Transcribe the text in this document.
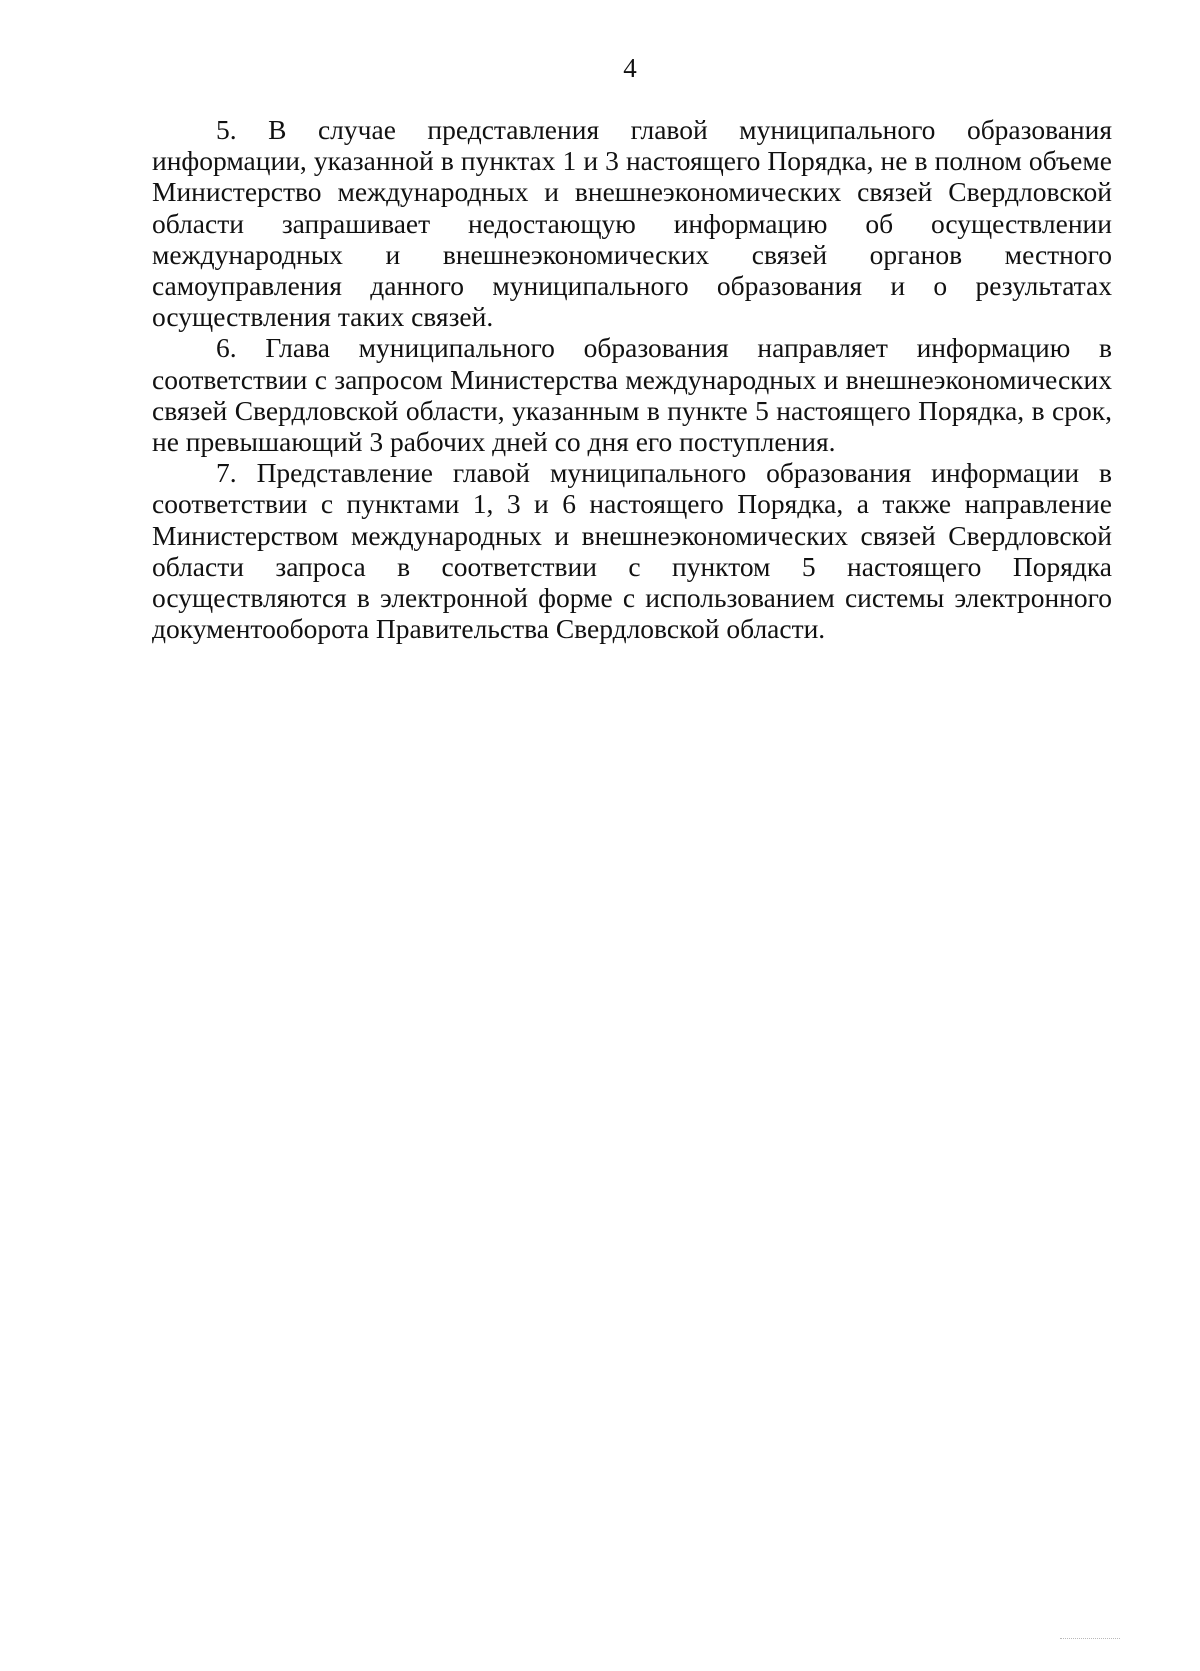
4

5. В случае представления главой муниципального образования информации, указанной в пунктах 1 и 3 настоящего Порядка, не в полном объеме Министерство международных и внешнеэкономических связей Свердловской области запрашивает недостающую информацию об осуществлении международных и внешнеэкономических связей органов местного самоуправления данного муниципального образования и о результатах осуществления таких связей.

6. Глава муниципального образования направляет информацию в соответствии с запросом Министерства международных и внешнеэкономических связей Свердловской области, указанным в пункте 5 настоящего Порядка, в срок, не превышающий 3 рабочих дней со дня его поступления.

7. Представление главой муниципального образования информации в соответствии с пунктами 1, 3 и 6 настоящего Порядка, а также направление Министерством международных и внешнеэкономических связей Свердловской области запроса в соответствии с пунктом 5 настоящего Порядка осуществляются в электронной форме с использованием системы электронного документооборота Правительства Свердловской области.
